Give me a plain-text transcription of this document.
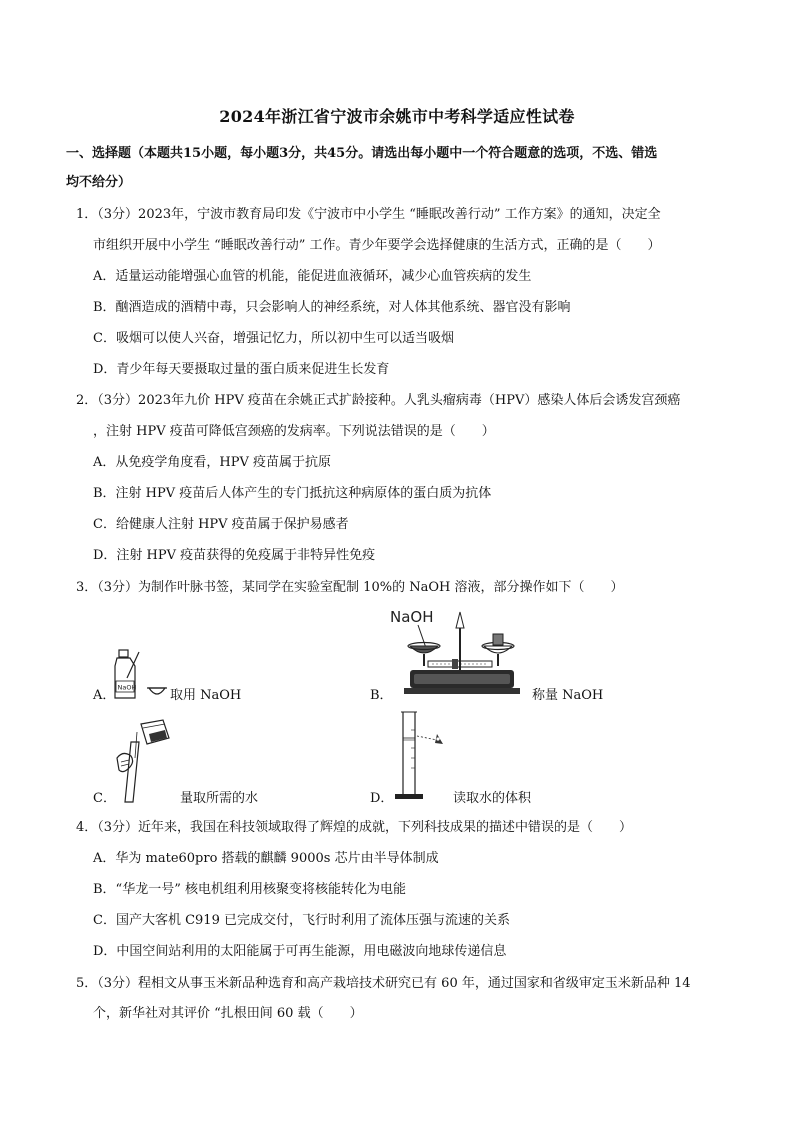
2024年浙江省宁波市余姚市中考科学适应性试卷
一、选择题（本题共15小题，每小题3分，共45分。请选出每小题中一个符合题意的选项，不选、错选
均不给分）
1．（3分）2023年，宁波市教育局印发《宁波市中小学生 “睡眠改善行动” 工作方案》的通知，决定全
市组织开展中小学生 “睡眠改善行动” 工作。青少年要学会选择健康的生活方式，正确的是（　　）
A．适量运动能增强心血管的机能，能促进血液循环，减少心血管疾病的发生
B．酗酒造成的酒精中毒，只会影响人的神经系统，对人体其他系统、器官没有影响
C．吸烟可以使人兴奋，增强记忆力，所以初中生可以适当吸烟
D．青少年每天要摄取过量的蛋白质来促进生长发育
2．（3分）2023年九价 HPV 疫苗在余姚正式扩龄接种。人乳头瘤病毒（HPV）感染人体后会诱发宫颈癌
，注射 HPV 疫苗可降低宫颈癌的发病率。下列说法错误的是（　　）
A．从免疫学角度看，HPV 疫苗属于抗原
B．注射 HPV 疫苗后人体产生的专门抵抗这种病原体的蛋白质为抗体
C．给健康人注射 HPV 疫苗属于保护易感者
D．注射 HPV 疫苗获得的免疫属于非特异性免疫
3．（3分）为制作叶脉书签，某同学在实验室配制 10%的 NaOH 溶液，部分操作如下（　　）
A．
NaOH
取用 NaOH	B．
NaOH
称量 NaOH
C．	量取所需的水	D．	读取水的体积
4．（3分）近年来，我国在科技领域取得了辉煌的成就，下列科技成果的描述中错误的是（　　）
A．华为 mate60pro 搭载的麒麟 9000s 芯片由半导体制成
B．“华龙一号” 核电机组利用核聚变将核能转化为电能
C．国产大客机 C919 已完成交付，飞行时利用了流体压强与流速的关系
D．中国空间站利用的太阳能属于可再生能源，用电磁波向地球传递信息
5．（3分）程相文从事玉米新品种选育和高产栽培技术研究已有 60 年，通过国家和省级审定玉米新品种 14
个，新华社对其评价 “扎根田间 60 载（　　）
